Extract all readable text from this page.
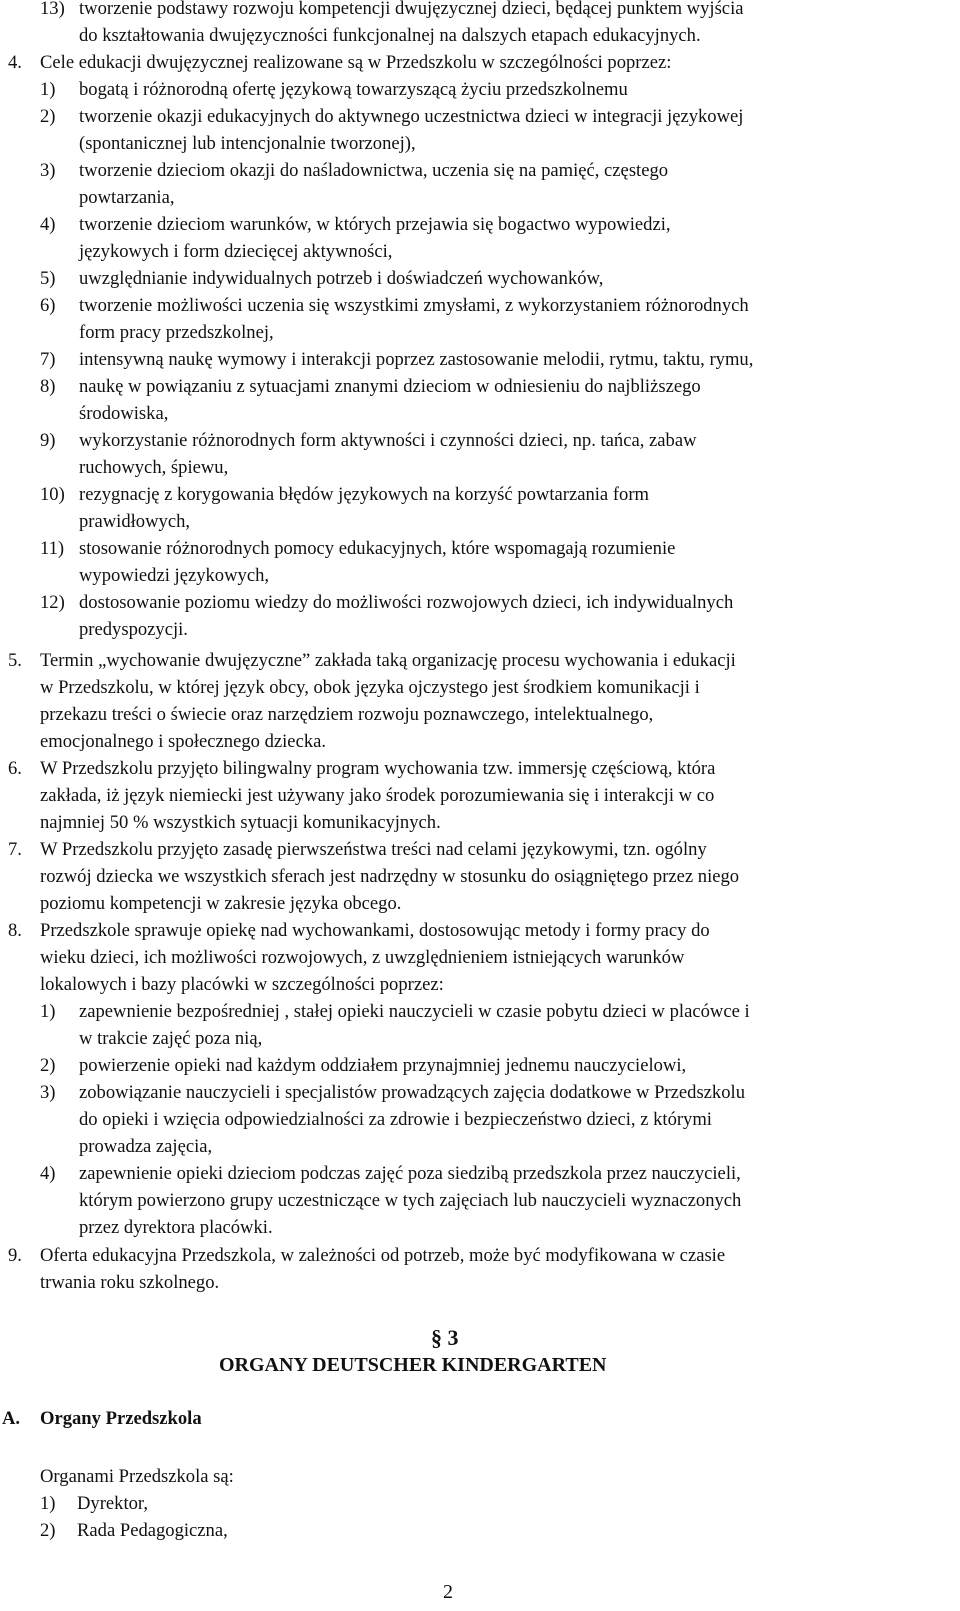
13) tworzenie podstawy rozwoju kompetencji dwujęzycznej dzieci, będącej punktem wyjścia
do kształtowania dwujęzyczności funkcjonalnej na dalszych etapach edukacyjnych.
4. Cele edukacji dwujęzycznej realizowane są w Przedszkolu w szczególności poprzez:
1) bogatą i różnorodną ofertę językową towarzyszącą życiu przedszkolnemu
2) tworzenie okazji edukacyjnych do aktywnego uczestnictwa dzieci w integracji językowej
(spontanicznej lub intencjonalnie tworzonej),
3) tworzenie dzieciom okazji do naśladownictwa, uczenia się na pamięć, częstego
powtarzania,
4) tworzenie dzieciom warunków, w których przejawia się bogactwo wypowiedzi,
językowych i form dziecięcej aktywności,
5) uwzględnianie indywidualnych potrzeb i doświadczeń wychowanków,
6) tworzenie możliwości uczenia się wszystkimi zmysłami, z wykorzystaniem różnorodnych
form pracy przedszkolnej,
7) intensywną naukę wymowy i interakcji poprzez zastosowanie melodii, rytmu, taktu, rymu,
8) naukę w powiązaniu z sytuacjami znanymi dzieciom w odniesieniu do najbliższego
środowiska,
9) wykorzystanie różnorodnych form aktywności i czynności dzieci, np. tańca, zabaw
ruchowych, śpiewu,
10) rezygnację z korygowania błędów językowych na korzyść powtarzania form
prawidłowych,
11) stosowanie różnorodnych pomocy edukacyjnych, które wspomagają rozumienie
wypowiedzi językowych,
12) dostosowanie poziomu wiedzy do możliwości rozwojowych dzieci, ich indywidualnych
predyspozycji.
5. Termin „wychowanie dwujęzyczne” zakłada taką organizację procesu wychowania i edukacji
w Przedszkolu, w której język obcy, obok języka ojczystego jest środkiem komunikacji i
przekazu treści o świecie oraz narzędziem rozwoju poznawczego, intelektualnego,
emocjonalnego i społecznego dziecka.
6. W Przedszkolu przyjęto bilingwalny program wychowania tzw. immersję częściową, która
zakłada, iż język niemiecki jest używany jako środek porozumiewania się i interakcji w co
najmniej 50 % wszystkich sytuacji komunikacyjnych.
7. W Przedszkolu przyjęto zasadę pierwszeństwa treści nad celami językowymi, tzn. ogólny
rozwój dziecka we wszystkich sferach jest nadrzędny w stosunku do osiągniętego przez niego
poziomu kompetencji w zakresie języka obcego.
8. Przedszkole sprawuje opiekę nad wychowankami, dostosowując metody i formy pracy do
wieku dzieci, ich możliwości rozwojowych, z uwzględnieniem istniejących warunków
lokalowych i bazy placówki w szczególności poprzez:
1) zapewnienie bezpośredniej , stałej opieki nauczycieli w czasie pobytu dzieci w placówce i
w trakcie zajęć poza nią,
2) powierzenie opieki nad każdym oddziałem przynajmniej jednemu nauczycielowi,
3) zobowiązanie nauczycieli i specjalistów prowadzących zajęcia dodatkowe w Przedszkolu
do opieki i wzięcia odpowiedzialności za zdrowie i bezpieczeństwo dzieci, z którymi
prowadza zajęcia,
4) zapewnienie opieki dzieciom podczas zajęć poza siedzibą przedszkola przez nauczycieli,
którym powierzono grupy uczestniczące w tych zajęciach lub nauczycieli wyznaczonych
przez dyrektora placówki.
9. Oferta edukacyjna Przedszkola, w zależności od potrzeb, może być modyfikowana w czasie
trwania roku szkolnego.
§ 3
ORGANY DEUTSCHER KINDERGARTEN
A. Organy Przedszkola
Organami Przedszkola są:
1) Dyrektor,
2) Rada Pedagogiczna,
2
